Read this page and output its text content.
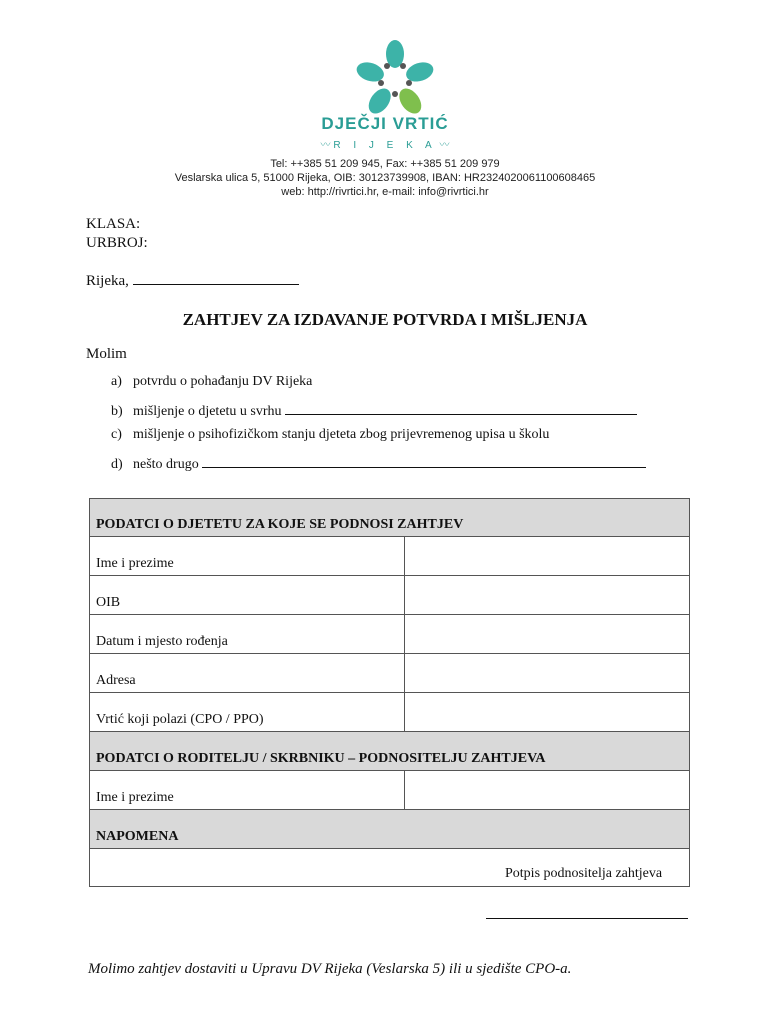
DJEČJI VRTIĆ
〰 R I J E K A 〰
Tel: ++385 51 209 945, Fax: ++385 51 209 979
Veslarska ulica 5, 51000 Rijeka, OIB: 30123739908, IBAN: HR2324020061100608465
web: http://rivrtici.hr, e-mail: info@rivrtici.hr
KLASA:
URBROJ:
Rijeka,
ZAHTJEV ZA IZDAVANJE POTVRDA I MIŠLJENJA
Molim
a) potvrdu o pohađanju DV Rijeka
b) mišljenje o djetetu u svrhu
c) mišljenje o psihofizičkom stanju djeteta zbog prijevremenog upisa u školu
d) nešto drugo
PODATCI O DJETETU ZA KOJE SE PODNOSI ZAHTJEV	
Ime i prezime	
OIB	
Datum i mjesto rođenja	
Adresa	
Vrtić koji polazi (CPO / PPO)	
PODATCI O RODITELJU / SKRBNIKU – PODNOSITELJU ZAHTJEVA	
Ime i prezime	
NAPOMENA	

Potpis podnositelja zahtjeva
Molimo zahtjev dostaviti u Upravu DV Rijeka (Veslarska 5) ili u sjedište CPO-a.
